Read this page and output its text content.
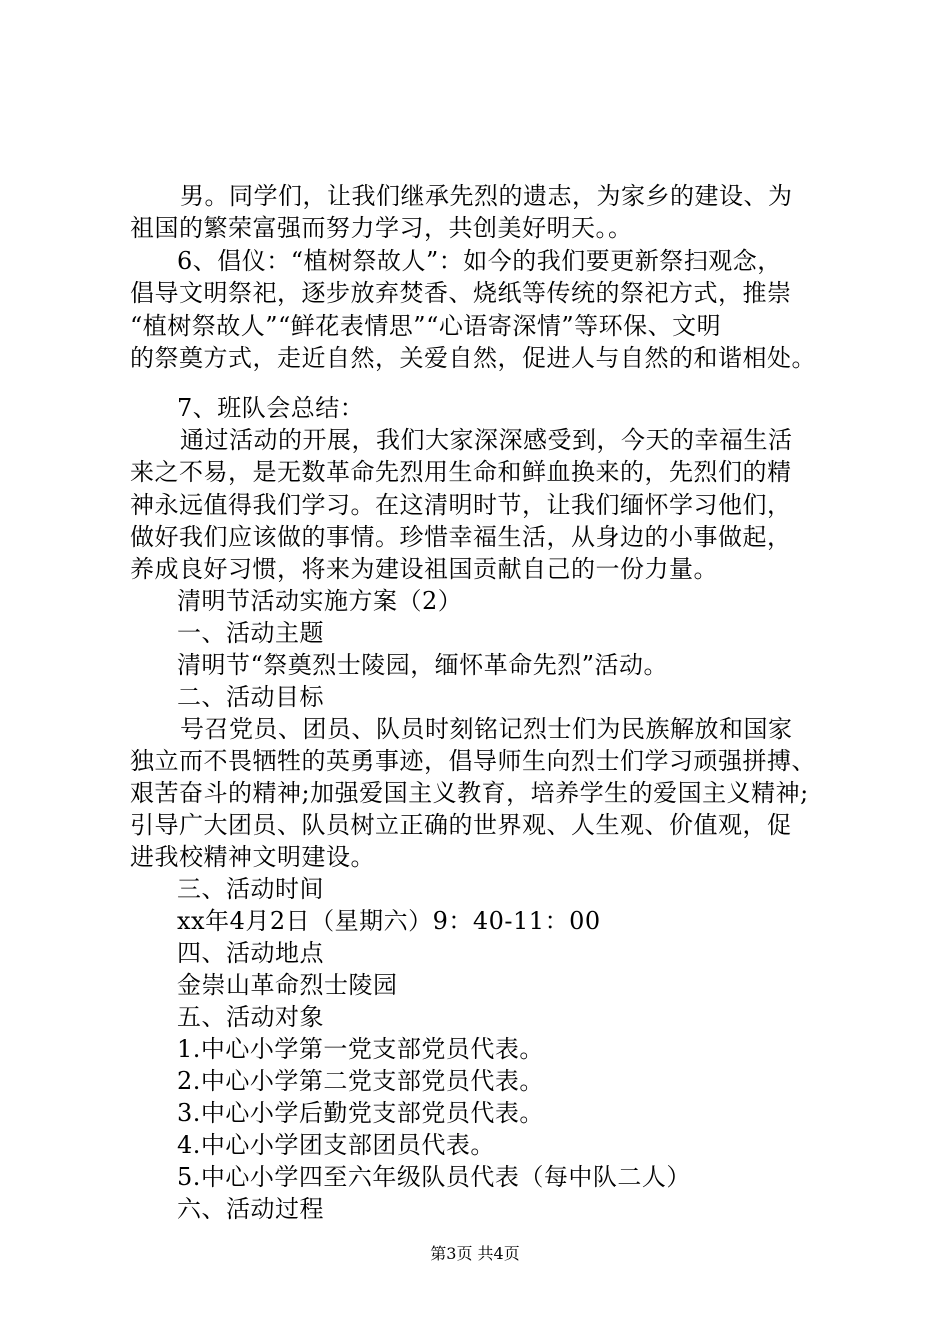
男。同学们，让我们继承先烈的遗志，为家乡的建设、为
祖国的繁荣富强而努力学习，共创美好明天。。
6、倡仪：“植树祭故人”：如今的我们要更新祭扫观念，
倡导文明祭祀，逐步放弃焚香、烧纸等传统的祭祀方式，推崇
“植树祭故人”“鲜花表情思”“心语寄深情”等环保、文明
的祭奠方式，走近自然，关爱自然，促进人与自然的和谐相处。
7、班队会总结：
通过活动的开展，我们大家深深感受到，今天的幸福生活
来之不易，是无数革命先烈用生命和鲜血换来的，先烈们的精
神永远值得我们学习。在这清明时节，让我们缅怀学习他们，
做好我们应该做的事情。珍惜幸福生活，从身边的小事做起，
养成良好习惯，将来为建设祖国贡献自己的一份力量。
清明节活动实施方案（2）
一、活动主题
清明节“祭奠烈士陵园，缅怀革命先烈”活动。
二、活动目标
号召党员、团员、队员时刻铭记烈士们为民族解放和国家
独立而不畏牺牲的英勇事迹，倡导师生向烈士们学习顽强拼搏、
艰苦奋斗的精神;加强爱国主义教育，培养学生的爱国主义精神;
引导广大团员、队员树立正确的世界观、人生观、价值观，促
进我校精神文明建设。
三、活动时间
xx年4月2日（星期六）9：40-11：00
四、活动地点
金崇山革命烈士陵园
五、活动对象
1.中心小学第一党支部党员代表。
2.中心小学第二党支部党员代表。
3.中心小学后勤党支部党员代表。
4.中心小学团支部团员代表。
5.中心小学四至六年级队员代表（每中队二人）
六、活动过程
第3页 共4页
